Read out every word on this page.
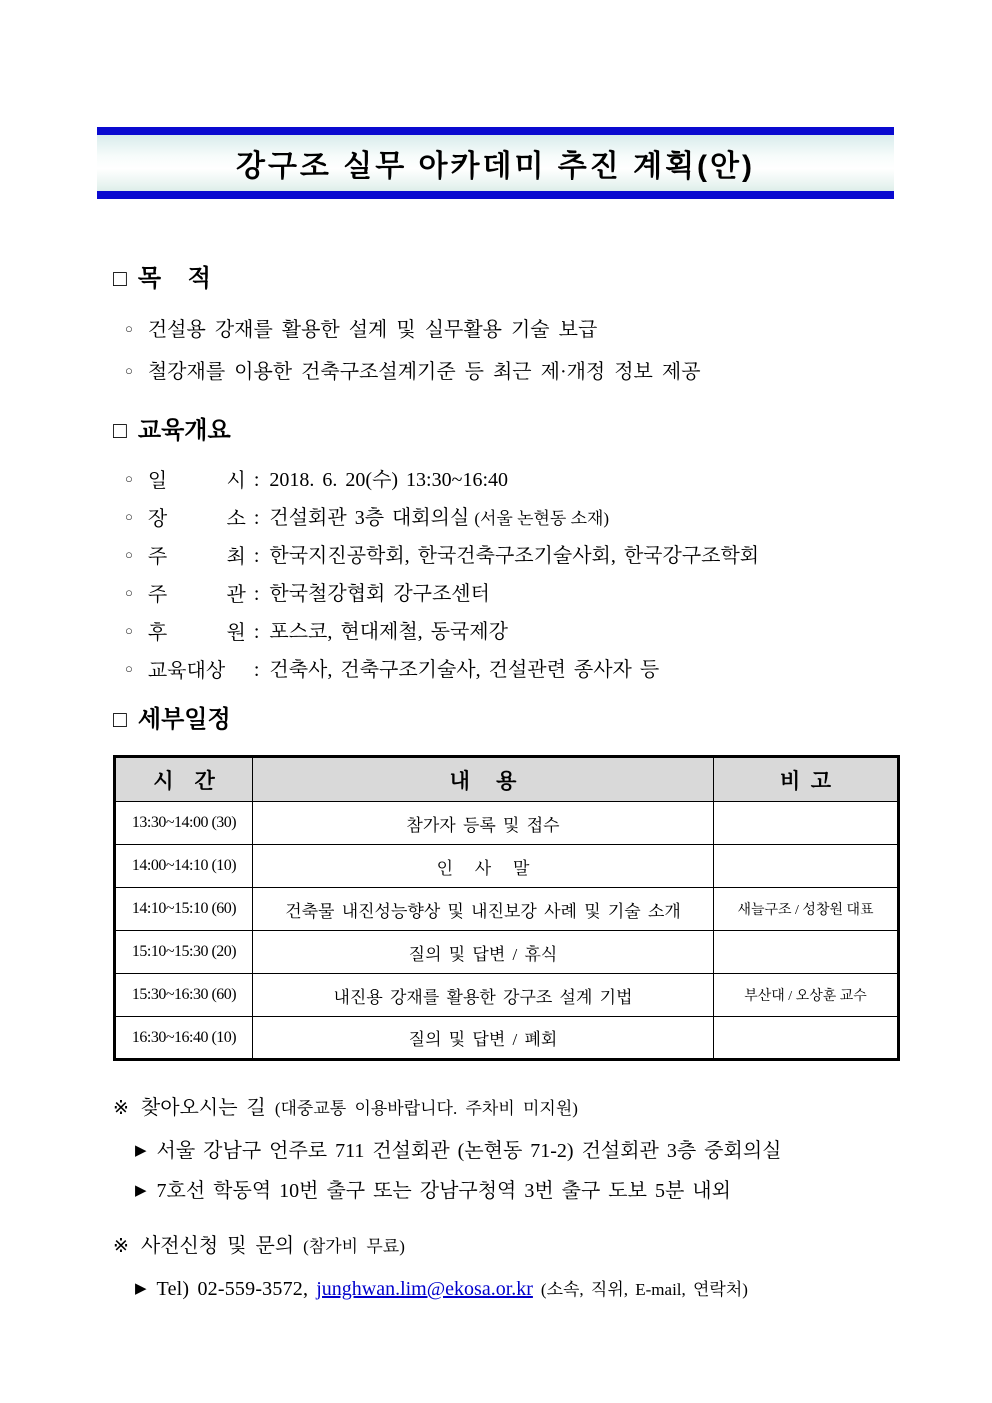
강구조 실무 아카데미 추진 계획(안)
□ 목    적
○ 건설용 강재를 활용한 설계 및 실무활용 기술 보급
○ 철강재를 이용한 건축구조설계기준 등 최근 제·개정 정보 제공
□ 교육개요
○ 일 시 : 2018. 6. 20(수) 13:30~16:40
○ 장 소 : 건설회관 3층 대회의실 (서울 논현동 소재)
○ 주 최 : 한국지진공학회, 한국건축구조기술사회, 한국강구조학회
○ 주 관 : 한국철강협회 강구조센터
○ 후 원 : 포스코, 현대제철, 동국제강
○ 교육대상 : 건축사, 건축구조기술사, 건설관련 종사자 등
□ 세부일정
시    간	내     용	비  고
13:30~14:00 (30)	참가자 등록 및 접수	
14:00~14:10 (10)	인   사   말	
14:10~15:10 (60)	건축물 내진성능향상 및 내진보강 사례 및 기술 소개	새늘구조 / 성창원 대표
15:10~15:30 (20)	질의 및 답변 / 휴식	
15:30~16:30 (60)	내진용 강재를 활용한 강구조 설계 기법	부산대 / 오상훈 교수
16:30~16:40 (10)	질의 및 답변 / 폐회	
※ 찾아오시는 길 (대중교통 이용바랍니다. 주차비 미지원)
▶ 서울 강남구 언주로 711 건설회관 (논현동 71-2) 건설회관 3층 중회의실
▶ 7호선 학동역 10번 출구 또는 강남구청역 3번 출구 도보 5분 내외
※ 사전신청 및 문의 (참가비 무료)
▶ Tel) 02-559-3572, junghwan.lim@ekosa.or.kr (소속, 직위, E-mail, 연락처)
